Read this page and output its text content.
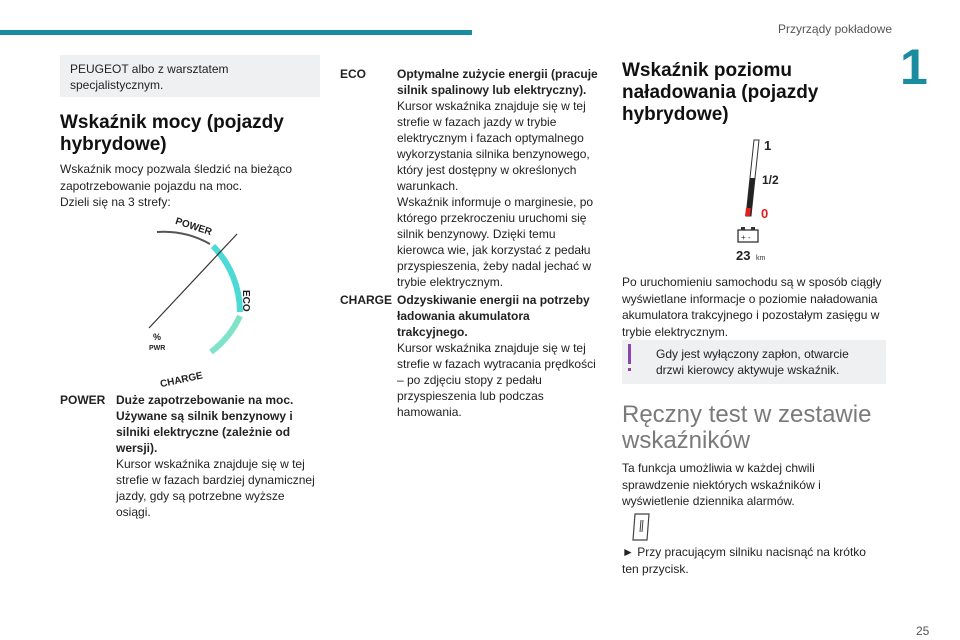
Przyrządy pokładowe
1
PEUGEOT albo z warsztatem specjalistycznym.
Wskaźnik mocy (pojazdy hybrydowe)
Wskaźnik mocy pozwala śledzić na bieżąco zapotrzebowanie pojazdu na moc.
Dzieli się na 3 strefy:
POWER
ECO
CHARGE
%
PWR
POWER Duże zapotrzebowanie na moc. Używane są silnik benzynowy i silniki elektryczne (zależnie od wersji).
Kursor wskaźnika znajduje się w tej strefie w fazach bardziej dynamicznej jazdy, gdy są potrzebne wyższe osiągi.
ECO	Optymalne zużycie energii (pracuje silnik spalinowy lub elektryczny).
Kursor wskaźnika znajduje się w tej strefie w fazach jazdy w trybie elektrycznym i fazach optymalnego wykorzystania silnika benzynowego, który jest dostępny w określonych warunkach.
Wskaźnik informuje o marginesie, po którego przekroczeniu uruchomi się silnik benzynowy. Dzięki temu kierowca wie, jak korzystać z pedału przyspieszenia, żeby nadal jechać w trybie elektrycznym.
CHARGE Odzyskiwanie energii na potrzeby ładowania akumulatora trakcyjnego.
Kursor wskaźnika znajduje się w tej strefie w fazach wytracania prędkości – po zdjęciu stopy z pedału przyspieszenia lub podczas hamowania.
Wskaźnik poziomu naładowania (pojazdy hybrydowe)
1
1/2
0
+ -
23 km
Po uruchomieniu samochodu są w sposób ciągły wyświetlane informacje o poziomie naładowania akumulatora trakcyjnego i pozostałym zasięgu w trybie elektrycznym.
Gdy jest wyłączony zapłon, otwarcie drzwi kierowcy aktywuje wskaźnik.
Ręczny test w zestawie wskaźników
Ta funkcja umożliwia w każdej chwili sprawdzenie niektórych wskaźników i wyświetlenie dziennika alarmów.
► Przy pracującym silniku nacisnąć na krótko ten przycisk.
25
